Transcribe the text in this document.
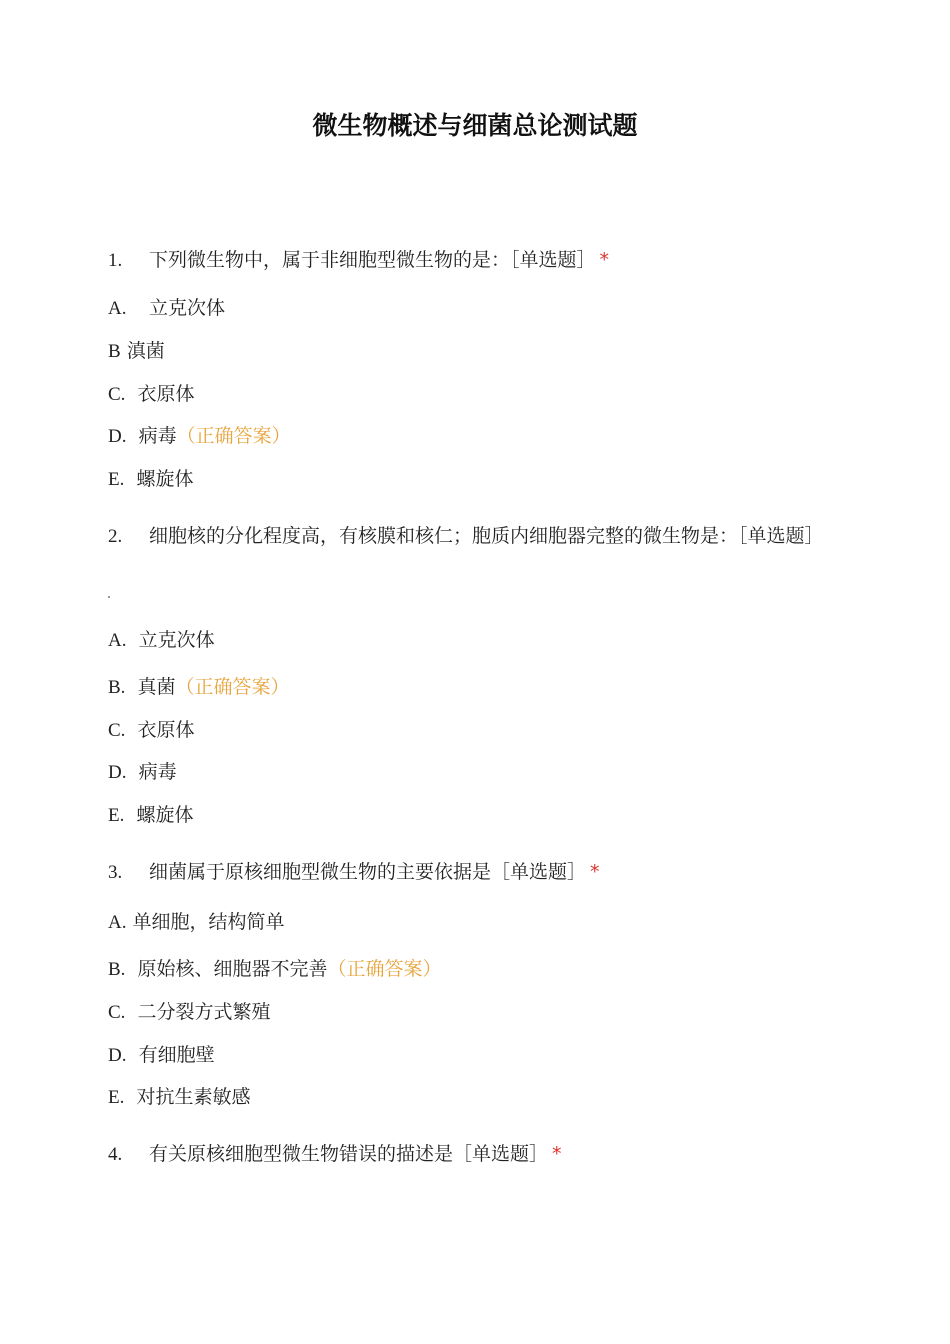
微生物概述与细菌总论测试题
1. 下列微生物中，属于非细胞型微生物的是：［单选题］ *
A. 立克次体
B 滇菌
C. 衣原体
D. 病毒（正确答案）
E. 螺旋体
2. 细胞核的分化程度高，有核膜和核仁；胞质内细胞器完整的微生物是：［单选题］
A. 立克次体
B. 真菌（正确答案）
C. 衣原体
D. 病毒
E. 螺旋体
3. 细菌属于原核细胞型微生物的主要依据是［单选题］ *
A. 单细胞，结构简单
B. 原始核、细胞器不完善（正确答案）
C. 二分裂方式繁殖
D. 有细胞壁
E. 对抗生素敏感
4. 有关原核细胞型微生物错误的描述是［单选题］ *
